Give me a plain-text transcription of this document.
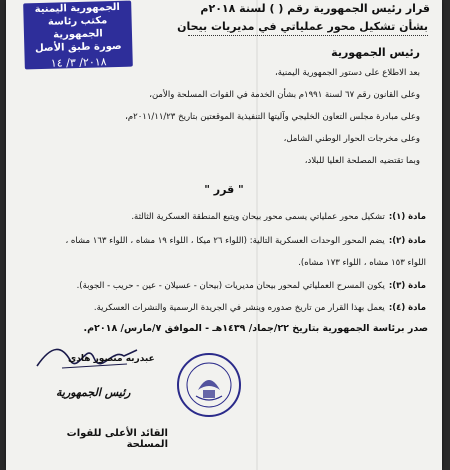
الجمهورية اليمنية
مكتب رئاسة الجمهورية
صورة طبق الأصل
٢٠١٨/ ٣/ ١٤
قرار رئيس الجمهورية رقم ( ) لسنة ٢٠١٨م
بشأن تشكيل محور عملياتي في مديريات بيحان
رئيس الجمهورية
بعد الاطلاع على دستور الجمهورية اليمنية،
وعلى القانون رقم ٦٧ لسنة ١٩٩١م بشأن الخدمة في القوات المسلحة والأمن،
وعلى مبادرة مجلس التعاون الخليجي وآليتها التنفيذية الموقعتين بتاريخ ٢٠١١/١١/٢٣م،
وعلى مخرجات الحوار الوطني الشامل،
وبما تقتضيه المصلحة العليا للبلاد،
" قرر "
مادة (١):تشكيل محور عملياتي يسمى محور بيحان ويتبع المنطقة العسكرية الثالثة.
مادة (٢):يضم المحور الوحدات العسكرية التالية: (اللواء ٢٦ ميكا ، اللواء ١٩ مشاه ، اللواء ١٦٣ مشاه ،
اللواء ١٥٣ مشاه ، اللواء ١٧٣ مشاه).
مادة (٣):يكون المسرح العملياتي لمحور بيحان مديريات (بيحان - عسيلان - عين - حريب - الجوبة).
مادة (٤):يعمل بهذا القرار من تاريخ صدوره وينشر في الجريدة الرسمية والنشرات العسكرية.
صدر برئاسة الجمهورية بتاريخ ٢٢/جماد/ ١٤٣٩هـ - الموافق ٧/مارس/ ٢٠١٨م.
عبدربه منصور هادي
رئيس الجمهورية
القائد الأعلى للقوات المسلحة
